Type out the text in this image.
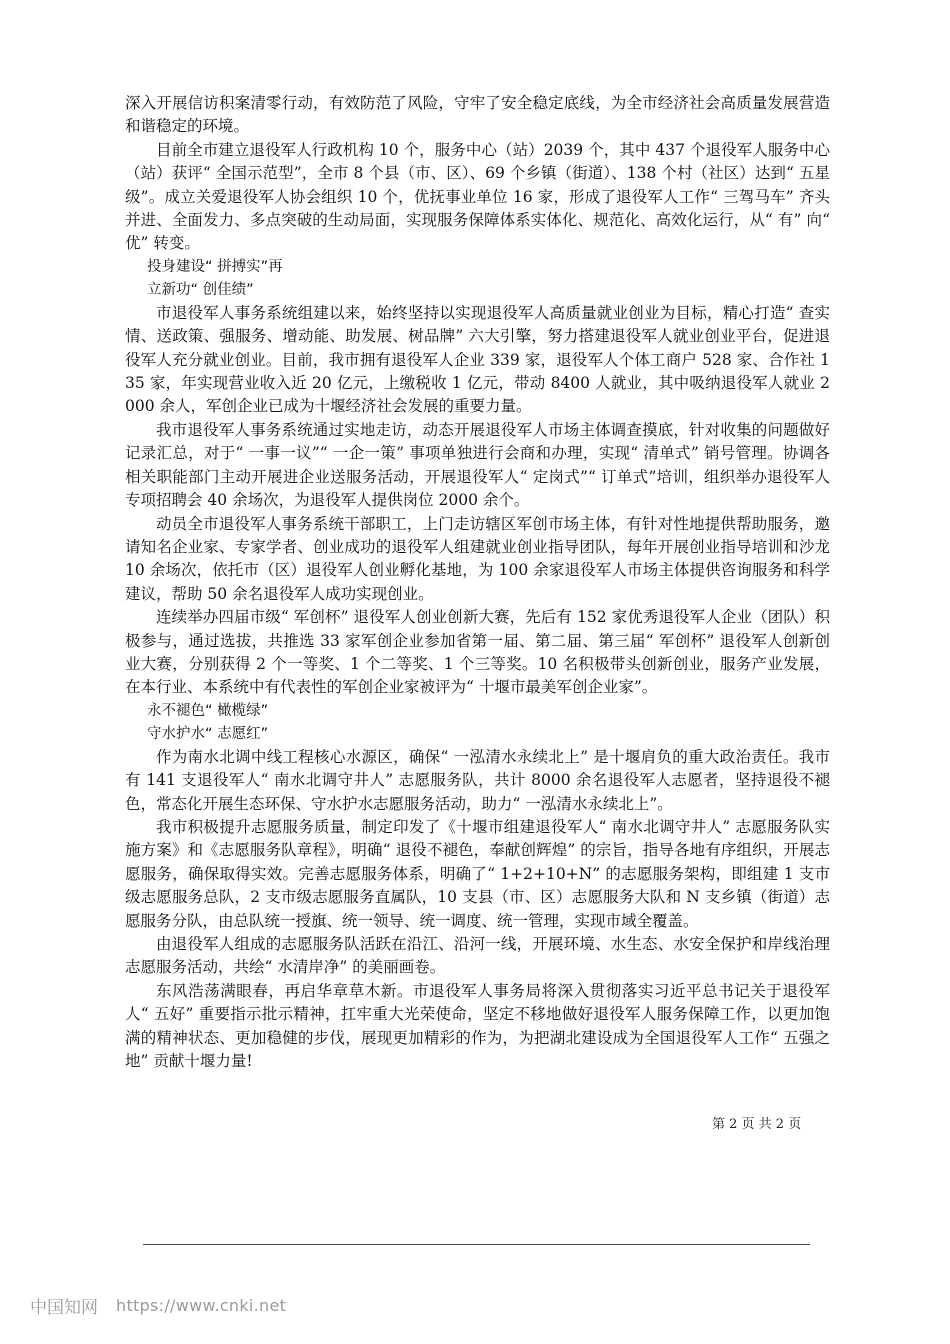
深入开展信访积案清零行动，有效防范了风险，守牢了安全稳定底线，为全市经济社会高质量发展营造和谐稳定的环境。

目前全市建立退役军人行政机构 10 个，服务中心（站）2039 个，其中 437 个退役军人服务中心（站）获评“ 全国示范型”，全市 8 个县（市、区）、69 个乡镇（街道）、138 个村（社区）达到“ 五星级”。成立关爱退役军人协会组织 10 个，优抚事业单位 16 家，形成了退役军人工作“ 三驾马车” 齐头并进、全面发力、多点突破的生动局面，实现服务保障体系实体化、规范化、高效化运行，从“ 有” 向“ 优” 转变。

投身建设“ 拼搏实”再

立新功“ 创佳绩”

市退役军人事务系统组建以来，始终坚持以实现退役军人高质量就业创业为目标，精心打造“ 查实情、送政策、强服务、增动能、助发展、树品牌” 六大引擎，努力搭建退役军人就业创业平台，促进退役军人充分就业创业。目前，我市拥有退役军人企业 339 家，退役军人个体工商户 528 家、合作社 135 家，年实现营业收入近 20 亿元，上缴税收 1 亿元，带动 8400 人就业，其中吸纳退役军人就业 2000 余人，军创企业已成为十堰经济社会发展的重要力量。

我市退役军人事务系统通过实地走访，动态开展退役军人市场主体调查摸底，针对收集的问题做好记录汇总，对于“ 一事一议”“ 一企一策” 事项单独进行会商和办理，实现“ 清单式” 销号管理。协调各相关职能部门主动开展进企业送服务活动，开展退役军人“ 定岗式”“ 订单式”培训，组织举办退役军人专项招聘会 40 余场次，为退役军人提供岗位 2000 余个。

动员全市退役军人事务系统干部职工，上门走访辖区军创市场主体，有针对性地提供帮助服务，邀请知名企业家、专家学者、创业成功的退役军人组建就业创业指导团队，每年开展创业指导培训和沙龙 10 余场次，依托市（区）退役军人创业孵化基地，为 100 余家退役军人市场主体提供咨询服务和科学建议，帮助 50 余名退役军人成功实现创业。

连续举办四届市级“ 军创杯” 退役军人创业创新大赛，先后有 152 家优秀退役军人企业（团队）积极参与，通过选拔，共推选 33 家军创企业参加省第一届、第二届、第三届“ 军创杯” 退役军人创新创业大赛，分别获得 2 个一等奖、1 个二等奖、1 个三等奖。10 名积极带头创新创业，服务产业发展，在本行业、本系统中有代表性的军创企业家被评为“ 十堰市最美军创企业家”。

永不褪色“ 橄榄绿”

守水护水“ 志愿红”

作为南水北调中线工程核心水源区，确保“ 一泓清水永续北上” 是十堰肩负的重大政治责任。我市有 141 支退役军人“ 南水北调守井人” 志愿服务队，共计 8000 余名退役军人志愿者，坚持退役不褪色，常态化开展生态环保、守水护水志愿服务活动，助力“ 一泓清水永续北上”。

我市积极提升志愿服务质量，制定印发了《十堰市组建退役军人“ 南水北调守井人” 志愿服务队实施方案》和《志愿服务队章程》，明确“ 退役不褪色，奉献创辉煌” 的宗旨，指导各地有序组织，开展志愿服务，确保取得实效。完善志愿服务体系，明确了“ 1+2+10+N” 的志愿服务架构，即组建 1 支市级志愿服务总队，2 支市级志愿服务直属队，10 支县（市、区）志愿服务大队和 N 支乡镇（街道）志愿服务分队，由总队统一授旗、统一领导、统一调度、统一管理，实现市域全覆盖。

由退役军人组成的志愿服务队活跃在沿江、沿河一线，开展环境、水生态、水安全保护和岸线治理志愿服务活动，共绘“ 水清岸净” 的美丽画卷。

东风浩荡满眼春，再启华章草木新。市退役军人事务局将深入贯彻落实习近平总书记关于退役军人“ 五好” 重要指示批示精神，扛牢重大光荣使命，坚定不移地做好退役军人服务保障工作，以更加饱满的精神状态、更加稳健的步伐，展现更加精彩的作为，为把湖北建设成为全国退役军人工作“ 五强之地” 贡献十堰力量!

第 2 页 共 2 页
中国知网 https://www.cnki.net
